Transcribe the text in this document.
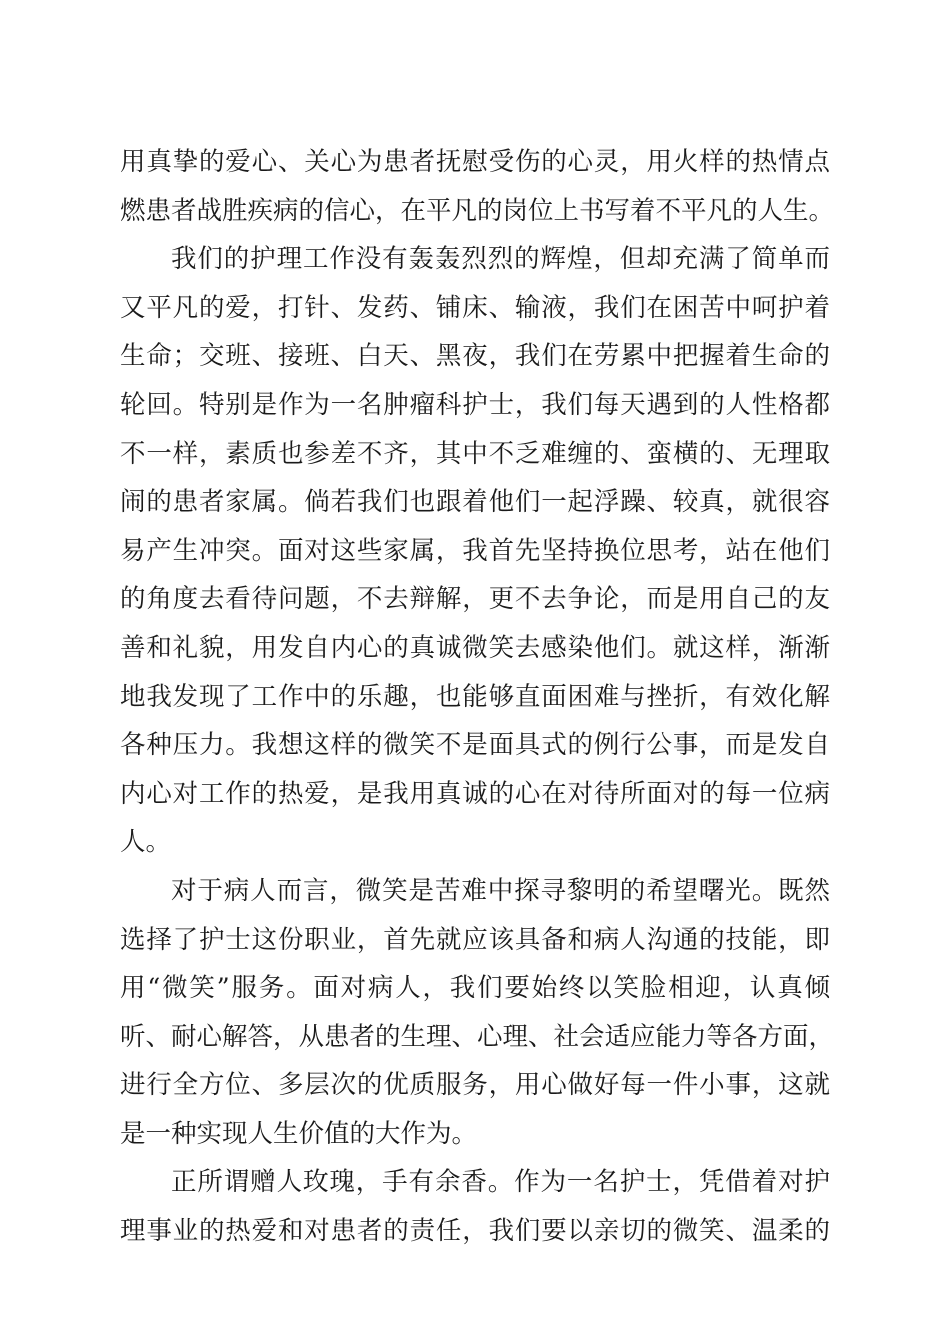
用真挚的爱心、关心为患者抚慰受伤的心灵，用火样的热情点
燃患者战胜疾病的信心，在平凡的岗位上书写着不平凡的人生。
我们的护理工作没有轰轰烈烈的辉煌，但却充满了简单而
又平凡的爱，打针、发药、铺床、输液，我们在困苦中呵护着
生命；交班、接班、白天、黑夜，我们在劳累中把握着生命的
轮回。特别是作为一名肿瘤科护士，我们每天遇到的人性格都
不一样，素质也参差不齐，其中不乏难缠的、蛮横的、无理取
闹的患者家属。倘若我们也跟着他们一起浮躁、较真，就很容
易产生冲突。面对这些家属，我首先坚持换位思考，站在他们
的角度去看待问题，不去辩解，更不去争论，而是用自己的友
善和礼貌，用发自内心的真诚微笑去感染他们。就这样，渐渐
地我发现了工作中的乐趣，也能够直面困难与挫折，有效化解
各种压力。我想这样的微笑不是面具式的例行公事，而是发自
内心对工作的热爱，是我用真诚的心在对待所面对的每一位病
人。
对于病人而言，微笑是苦难中探寻黎明的希望曙光。既然
选择了护士这份职业，首先就应该具备和病人沟通的技能，即
用“微笑”服务。面对病人，我们要始终以笑脸相迎，认真倾
听、耐心解答，从患者的生理、心理、社会适应能力等各方面，
进行全方位、多层次的优质服务，用心做好每一件小事，这就
是一种实现人生价值的大作为。
正所谓赠人玫瑰，手有余香。作为一名护士，凭借着对护
理事业的热爱和对患者的责任，我们要以亲切的微笑、温柔的
